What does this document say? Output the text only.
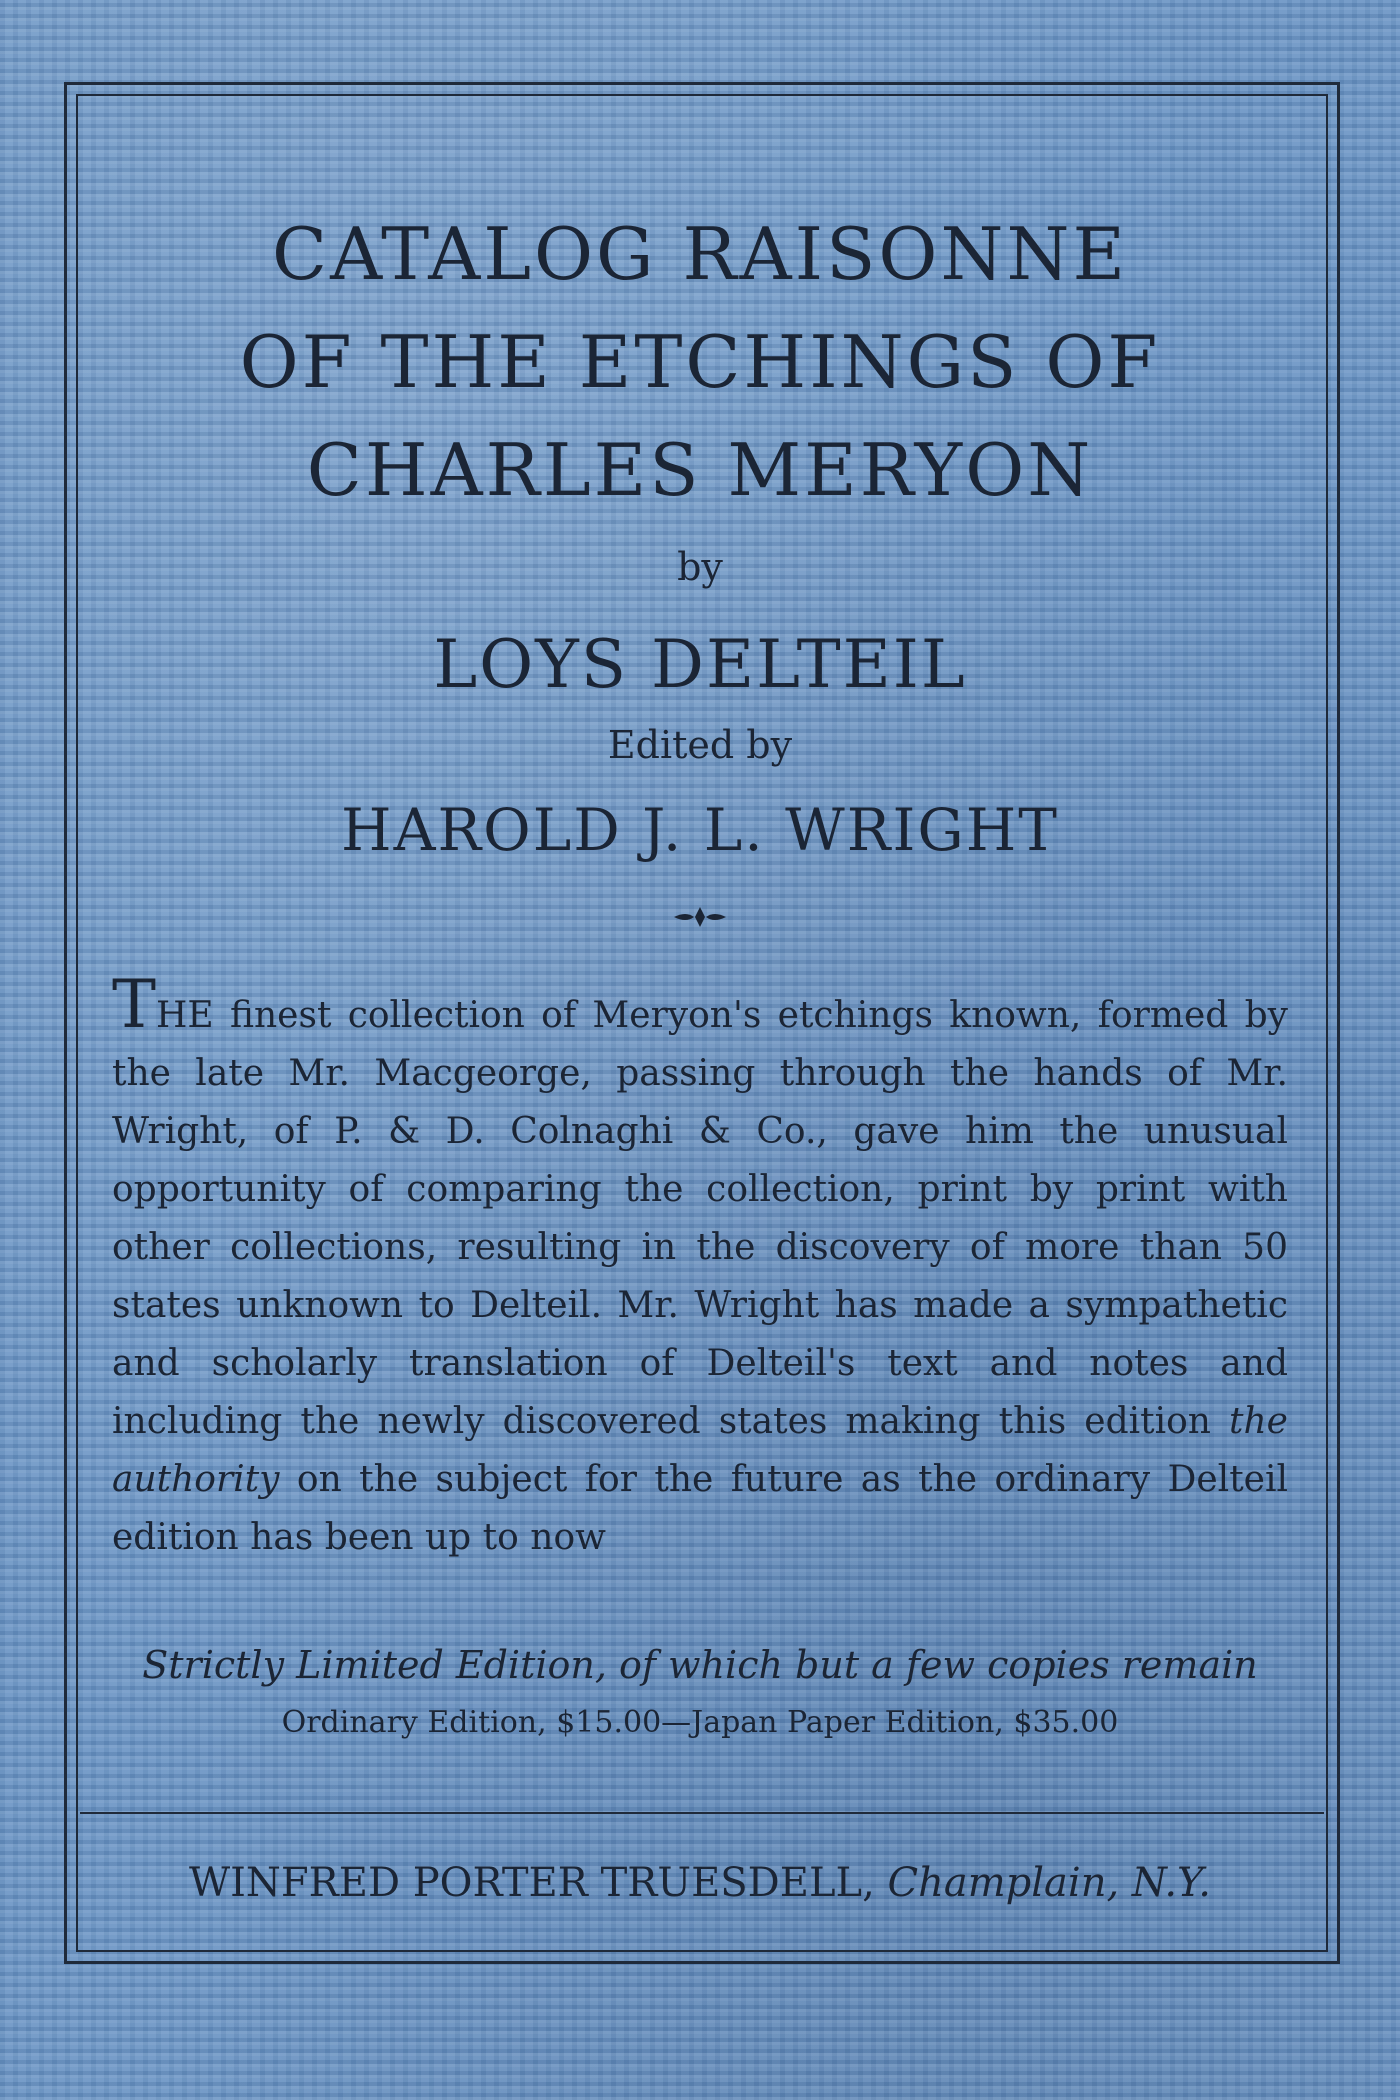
CATALOG RAISONNE
OF THE ETCHINGS OF
CHARLES MERYON
by
LOYS DELTEIL
Edited by
HAROLD J. L. WRIGHT

THE finest collection of Meryon's etchings known, formed by the late Mr. Macgeorge, passing through the hands of Mr. Wright, of P. & D. Colnaghi & Co., gave him the unusual opportunity of comparing the collection, print by print with other collections, resulting in the discovery of more than 50 states unknown to Delteil. Mr. Wright has made a sympathetic and scholarly translation of Delteil's text and notes and including the newly discovered states making this edition the authority on the subject for the future as the ordinary Delteil edition has been up to now

Strictly Limited Edition, of which but a few copies remain
Ordinary Edition, $15.00—Japan Paper Edition, $35.00
WINFRED PORTER TRUESDELL, Champlain, N.Y.
